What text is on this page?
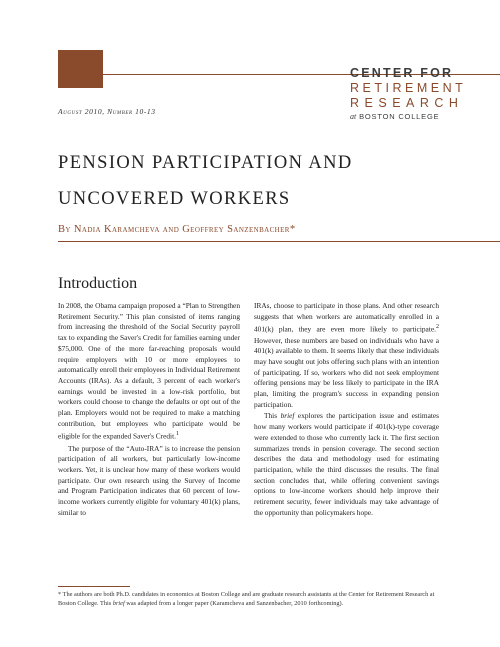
CENTER FOR
RETIREMENT
RESEARCH
at BOSTON COLLEGE
August 2010, Number 10-13
PENSION PARTICIPATION AND UNCOVERED WORKERS
By Nadia Karamcheva and Geoffrey Sanzenbacher*
Introduction

In 2008, the Obama campaign proposed a “Plan to Strengthen Retirement Security.” This plan consisted of items ranging from increasing the threshold of the Social Security payroll tax to expanding the Saver's Credit for families earning under $75,000. One of the more far-reaching proposals would require employers with 10 or more employees to automatically enroll their employees in Individual Retirement Accounts (IRAs). As a default, 3 percent of each worker's earnings would be invested in a low-risk portfolio, but workers could choose to change the defaults or opt out of the plan. Employers would not be required to make a matching contribution, but employees who participate would be eligible for the expanded Saver's Credit.$^1$

The purpose of the “Auto-IRA” is to increase the pension participation of all workers, but particularly low-income workers. Yet, it is unclear how many of these workers would participate. Our own research using the Survey of Income and Program Participation indicates that 60 percent of low-income workers currently eligible for voluntary 401(k) plans, similar to

IRAs, choose to participate in those plans. And other research suggests that when workers are automatically enrolled in a 401(k) plan, they are even more likely to participate.$^2$ However, these numbers are based on individuals who have a 401(k) available to them. It seems likely that these individuals may have sought out jobs offering such plans with an intention of participating. If so, workers who did not seek employment offering pensions may be less likely to participate in the IRA plan, limiting the program's success in expanding pension participation.

This brief explores the participation issue and estimates how many workers would participate if 401(k)-type coverage were extended to those who currently lack it. The first section summarizes trends in pension coverage. The second section describes the data and methodology used for estimating participation, while the third discusses the results. The final section concludes that, while offering convenient savings options to low-income workers should help improve their retirement security, fewer individuals may take advantage of the opportunity than policymakers hope.

* The authors are both Ph.D. candidates in economics at Boston College and are graduate research assistants at the Center for Retirement Research at Boston College. This brief was adapted from a longer paper (Karamcheva and Sanzenbacher, 2010 forthcoming).
